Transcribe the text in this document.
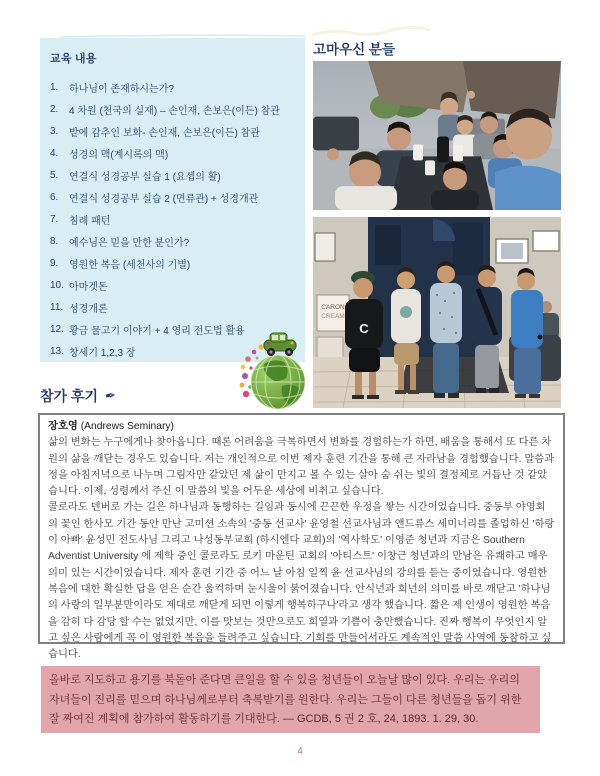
교육 내용
1.	하나님이 존재하시는가?
2.	4 차원 (천국의 실재) – 손인재, 손보은(이든) 참관
3.	밭에 감추인 보화- 손인재, 손보은(이든) 참관
4.	성경의 맥(계시록의 맥)
5.	연결식 성경공부 실습 1 (요셉의 활)
6.	연결식 성경공부 실습 2 (면류관) + 성경개관
7.	침례 패턴
8.	예수님은 믿을 만한 분인가?
9.	영원한 복음 (세천사의 기별)
10. 아마겟돈
11. 성경개론
12. 황금 물고기 이야기 + 4 영리 전도법 활용
13. 창세기 1,2,3 장
고마우신 분들
CARON
CREAM
C
참가 후기 ✒
장호영 (Andrews Seminary)

삶의 변화는 누구에게나 찾아옵니다. 때론 어려움을 극복하면서 변화를 경험하는가 하면, 배움을 통해서 또 다른 차원의 삶을 깨닫는 경우도 있습니다. 저는 개인적으로 이번 제자 훈련 기간을 통해 큰 자라남을 경험했습니다. 말씀과 정을 아침저녁으로 나누며 그림자만 같았던 제 삶이 만지고 볼 수 있는 살아 숨 쉬는 빛의 결정체로 거듭난 것 같았습니다. 이제, 성령께서 주신 이 말씀의 빛을 어두운 세상에 비취고 싶습니다.

콜로라도 덴버로 가는 길은 하나님과 동행하는 길임과 동시에 끈끈한 우정을 쌓는 시간이었습니다. 중동부 야영회의 꽃인 한사모 기간 동안 만난 고미션 소속의 '중동 선교사' 윤영철 선교사님과 앤드류스 세미너리를 졸업하신 '하랑이 아빠' 윤성민 전도사님 그리고 나성동부교회 (하시엔다 교회)의 '역사학도' 이영준 청년과 지금은 Southern Adventist University 에 제학 중인 콜로라도 로키 마운틴 교회의 '아티스트' 이창근 청년과의 만남은 유쾌하고 매우 의미 있는 시간이었습니다. 제자 훈련 기간 중 어느 날 아침 일찍 윤 선교사님의 강의를 듣는 중이었습니다. 영원한 복음에 대한 확실한 답을 얻은 순간 울컥하며 눈시울이 붉어졌습니다. 안식년과 희년의 의미를 바로 깨닫고 '하나님의 사랑의 일부분만이라도 제대로 깨닫게 되면 이렇게 행복하구나'라고 생각 했습니다. 짧은 제 인생이 영원한 복음을 감히 다 감당 할 수는 없었지만, 이를 맛보는 것만으로도 희열과 기쁨이 충만했습니다. 진짜 행복이 무엇인지 알고 싶은 사람에게 꼭 이 영원한 복음을 들려주고 싶습니다. 기회를 만들어서라도 계속적인 말씀 사역에 동참하고 싶습니다.

올바로 지도하고 용기를 북돋아 준다면 큰일을 할 수 있을 청년들이 오늘날 많이 있다. 우리는 우리의 자녀들이 진리를 믿으며 하나님께로부터 축복받기를 원한다. 우리는 그들이 다른 청년들을 돕기 위한 잘 짜여진 계획에 참가하여 활동하기를 기대한다. — GCDB, 5 권 2 호, 24, 1893. 1. 29, 30.
4
